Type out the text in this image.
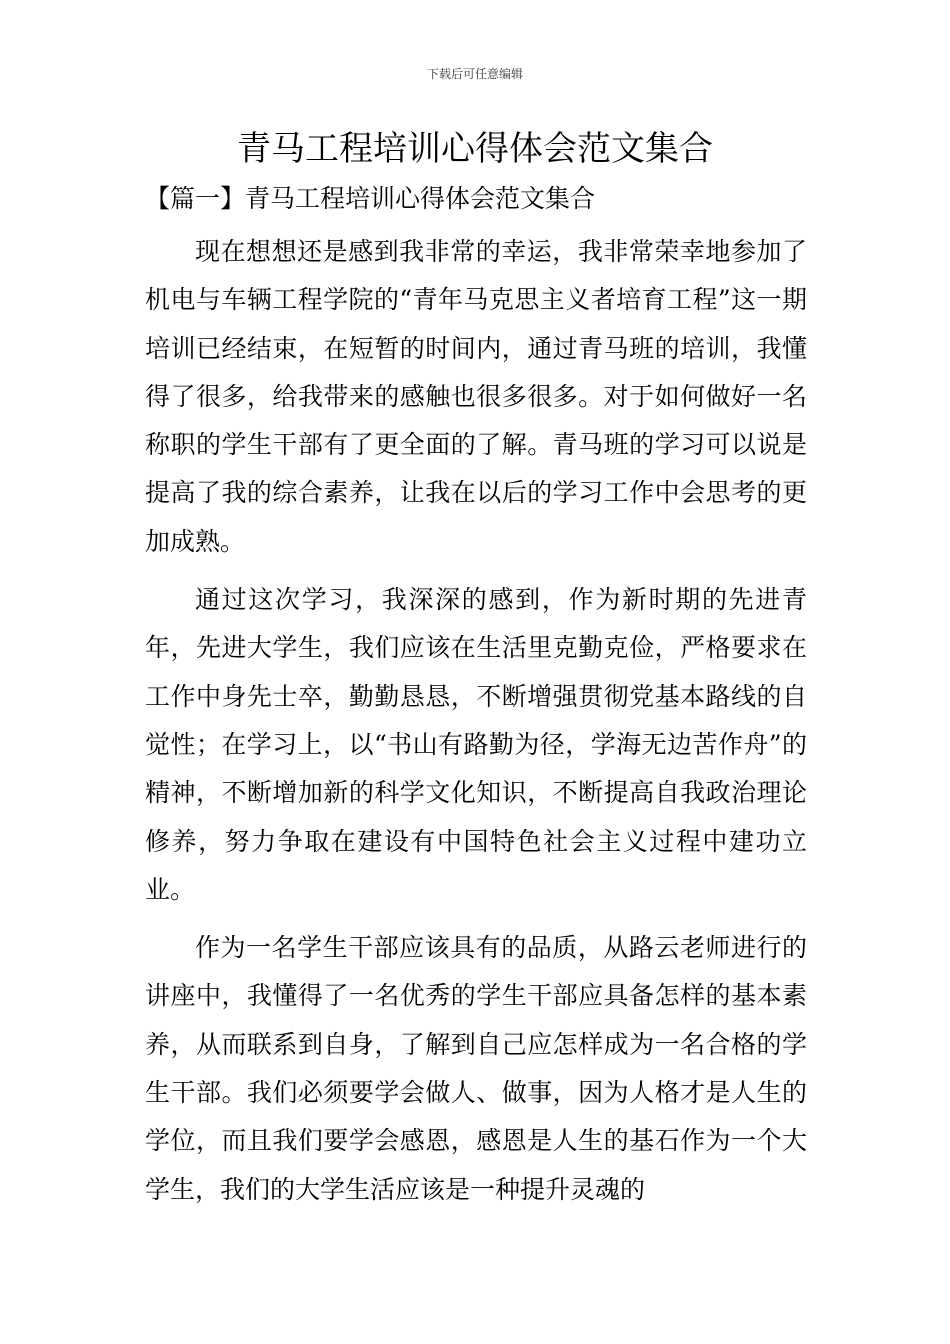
下载后可任意编辑
青马工程培训心得体会范文集合
【篇一】青马工程培训心得体会范文集合

现在想想还是感到我非常的幸运，我非常荣幸地参加了机电与车辆工程学院的“青年马克思主义者培育工程”这一期培训已经结束，在短暂的时间内，通过青马班的培训，我懂得了很多，给我带来的感触也很多很多。对于如何做好一名称职的学生干部有了更全面的了解。青马班的学习可以说是提高了我的综合素养，让我在以后的学习工作中会思考的更加成熟。

通过这次学习，我深深的感到，作为新时期的先进青年，先进大学生，我们应该在生活里克勤克俭，严格要求在工作中身先士卒，勤勤恳恳，不断增强贯彻党基本路线的自觉性；在学习上，以“书山有路勤为径，学海无边苦作舟”的精神，不断增加新的科学文化知识，不断提高自我政治理论修养，努力争取在建设有中国特色社会主义过程中建功立业。

作为一名学生干部应该具有的品质，从路云老师进行的讲座中，我懂得了一名优秀的学生干部应具备怎样的基本素养，从而联系到自身，了解到自己应怎样成为一名合格的学生干部。我们必须要学会做人、做事，因为人格才是人生的学位，而且我们要学会感恩，感恩是人生的基石作为一个大学生，我们的大学生活应该是一种提升灵魂的
